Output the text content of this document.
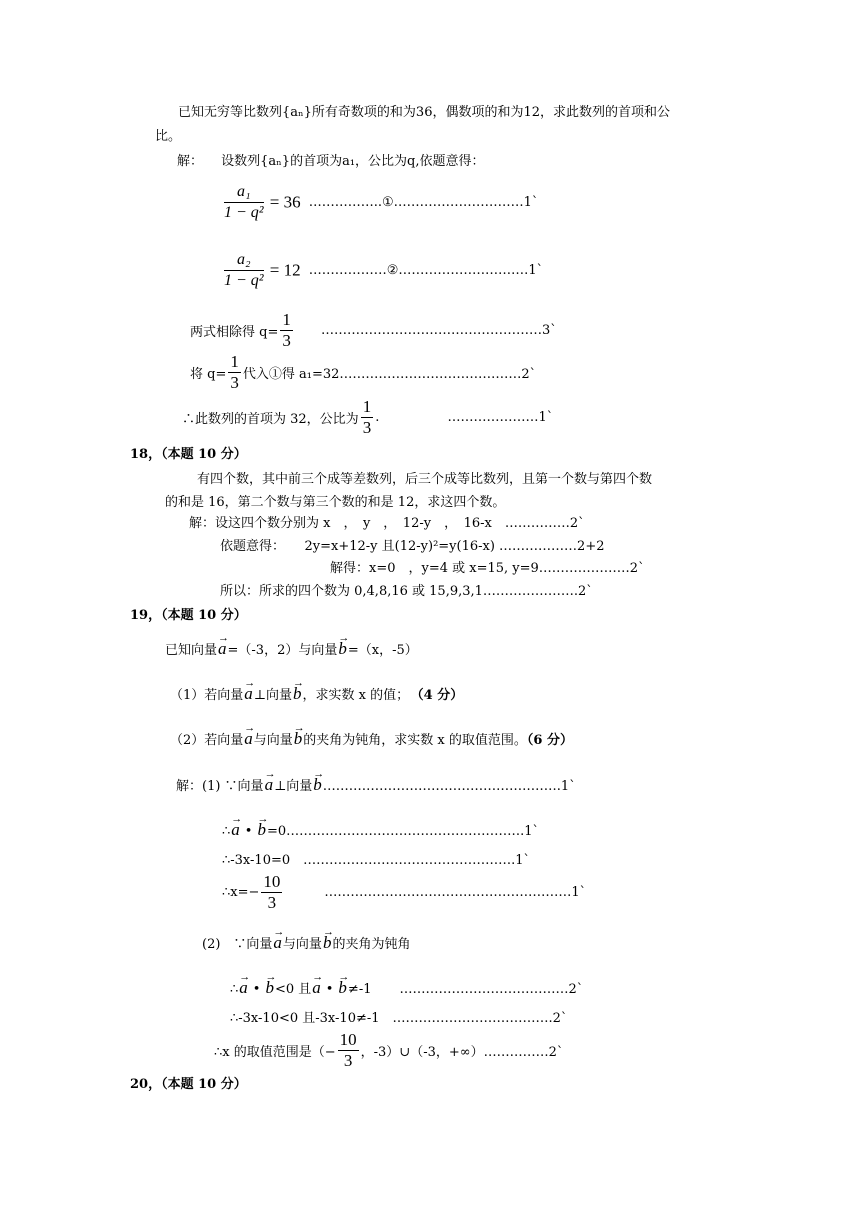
已知无穷等比数列{aₙ}所有奇数项的和为36，偶数项的和为12，求此数列的首项和公
比。
解： 设数列{aₙ}的首项为a₁，公比为q,依题意得：
$\frac{\text{a₁}}{\text{1 − q²}} = 36$ ……………..①…………………………1`
$\frac{\text{a₂}}{\text{1 − q²}} = 12$ ………………②…………………………1`
两式相除得 $q= \frac{1}{3}$ ……………………………………………3`
将 $q= \frac{1}{3}$ 代入①得 a₁=32……………………………………2`
∴此数列的首项为 32，公比为 $\frac{1}{3}$ .	…………………1`
18，（本题 10 分）
有四个数，其中前三个成等差数列，后三个成等比数列，且第一个数与第四个数
的和是 16，第二个数与第三个数的和是 12，求这四个数。
解：设这四个数分别为 x　，　y　，　12-y　，　16-x　……………2`
依题意得：　　2y=x+12-y 且(12-y)²=y(16-x) ………………2+2
解得：x=0　，y=4 或 x=15, y=9…………………2`
所以：所求的四个数为 0,4,8,16 或 15,9,3,1………………….2`
19，（本题 10 分）
已知向量→ a=（-3，2）与向量→ b=（x，-5）
（1）若向量→ a⊥向量→ b，求实数 x 的值； （4 分）
（2）若向量→ a与向量→ b的夹角为钝角，求实数 x 的取值范围。（6 分）
解：(1) ∵向量→ a⊥向量→ b……………………………………………….1`
∴→ a • → b=0……………………………………………….1`
∴-3x-10=0　………………………………………….1`
∴x=− $\frac{10}{3}$	…………………………………………………1`
(2)　∵向量→ a与向量→ b的夹角为钝角
∴→ a • → b<0 且→ a • → b≠-1 …………………………………2`
∴-3x-10<0 且-3x-10≠-1　……………………………….2`
∴x 的取值范围是（− $\frac{10}{3}$ ，-3）∪（-3，+∞）……………2`
20，（本题 10 分）
